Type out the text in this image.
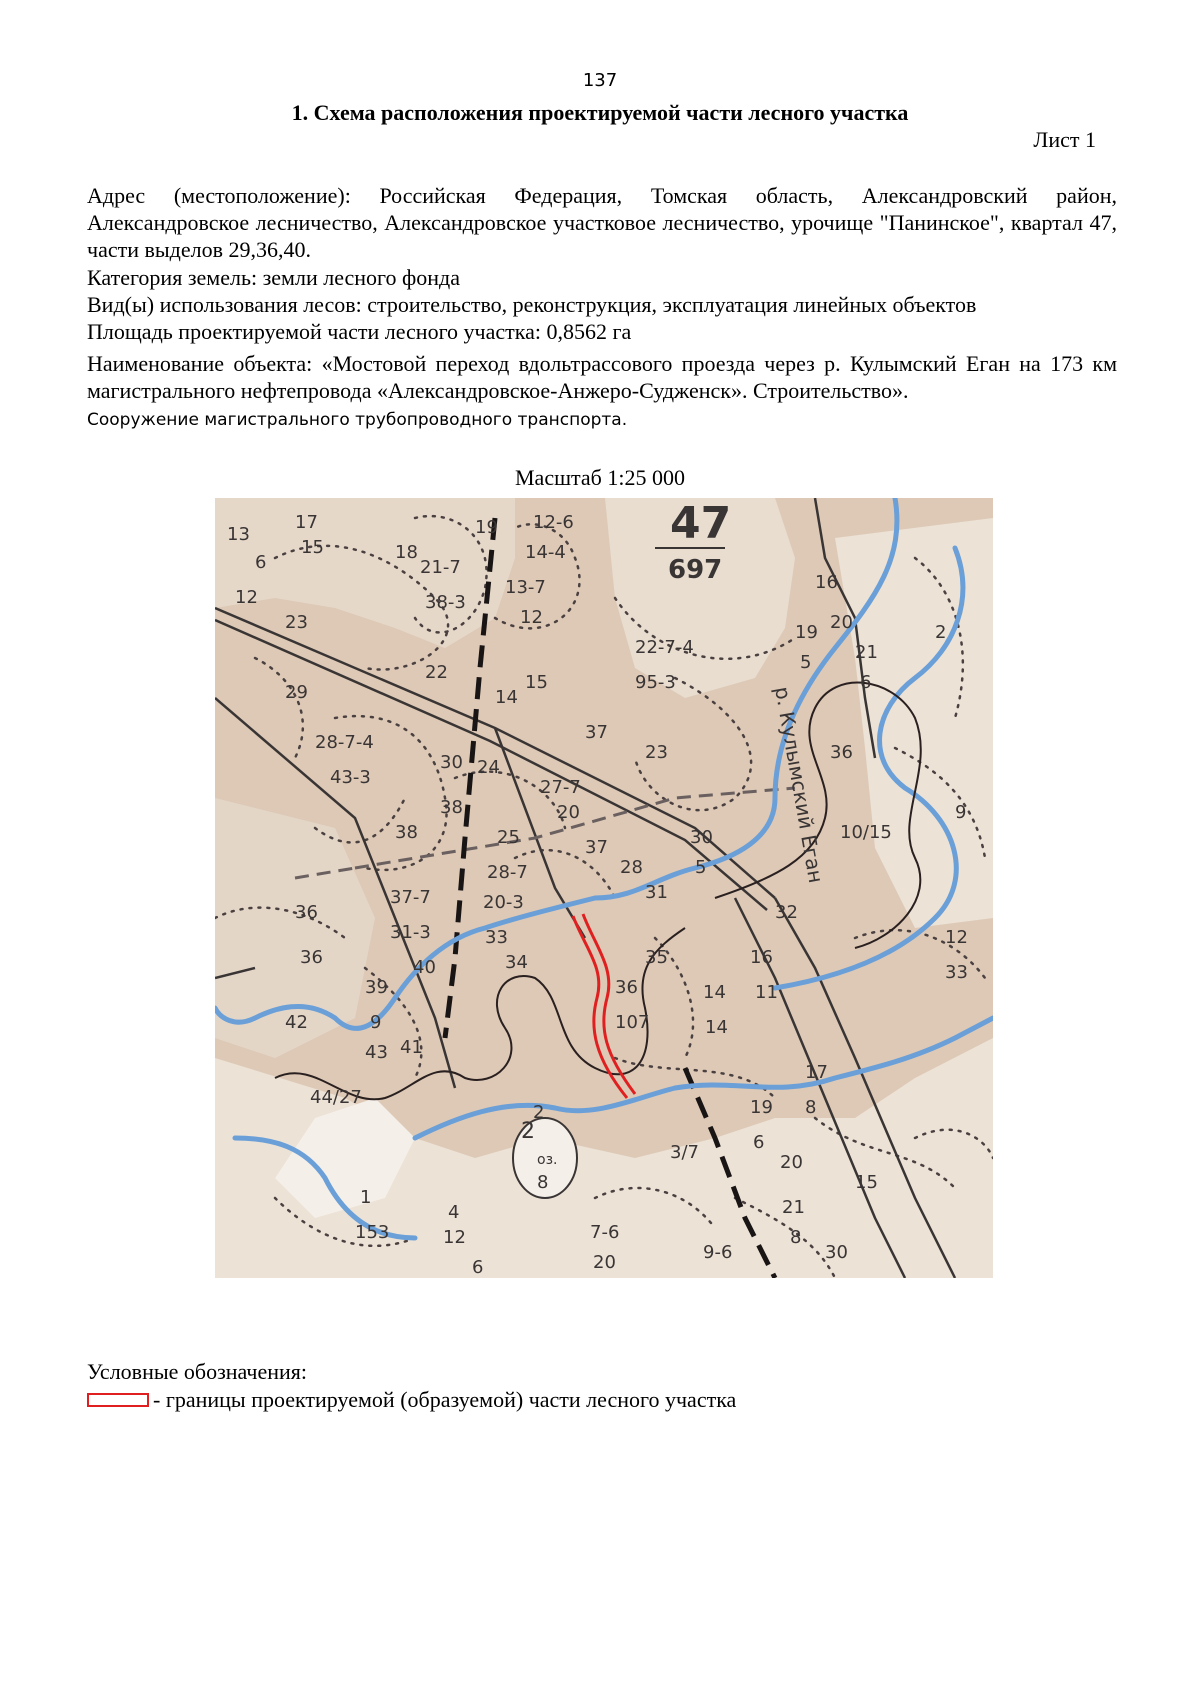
137
1. Схема расположения проектируемой части лесного участка
Лист 1
Адрес (местоположение): Российская Федерация, Томская область, Александровский район, Александровское лесничество, Александровское участковое лесничество, урочище "Панинское", квартал 47, части выделов 29,36,40.
Категория земель: земли лесного фонда
Вид(ы) использования лесов: строительство, реконструкция, эксплуатация линейных объектов
Площадь проектируемой части лесного участка: 0,8562 га
Наименование объекта: «Мостовой переход вдольтрассового проезда через р. Кулымский Еган на 173 км магистрального нефтепровода «Александровское-Анжеро-Судженск». Строительство».
Сооружение магистрального трубопроводного транспорта.
Масштаб 1:25 000
2
оз.
47
697
р. Кулымский Еган
13
17
15	18
19 12-6
14-4
6
12
21-7
38-3
13-7
12
23
22-7-4
95-3
22
14
15
16
19
5
20
21
6
2
29
28-7-4
43-3
30 24
38
23	36
10/15
27-7
20
37
38	25
28-7
20-3
37
28
31
30
5
32
37-7
31-3	33
36
40	34	35
36
107
16
11
14
14
12
33
39
9
42
43 41
44/27
2
8
3/7
19
6
17
8
20
15
1
153
4
12	7-6
20
21
8
9-6	30
6
9
36
Условные обозначения:
- границы проектируемой (образуемой) части лесного участка
